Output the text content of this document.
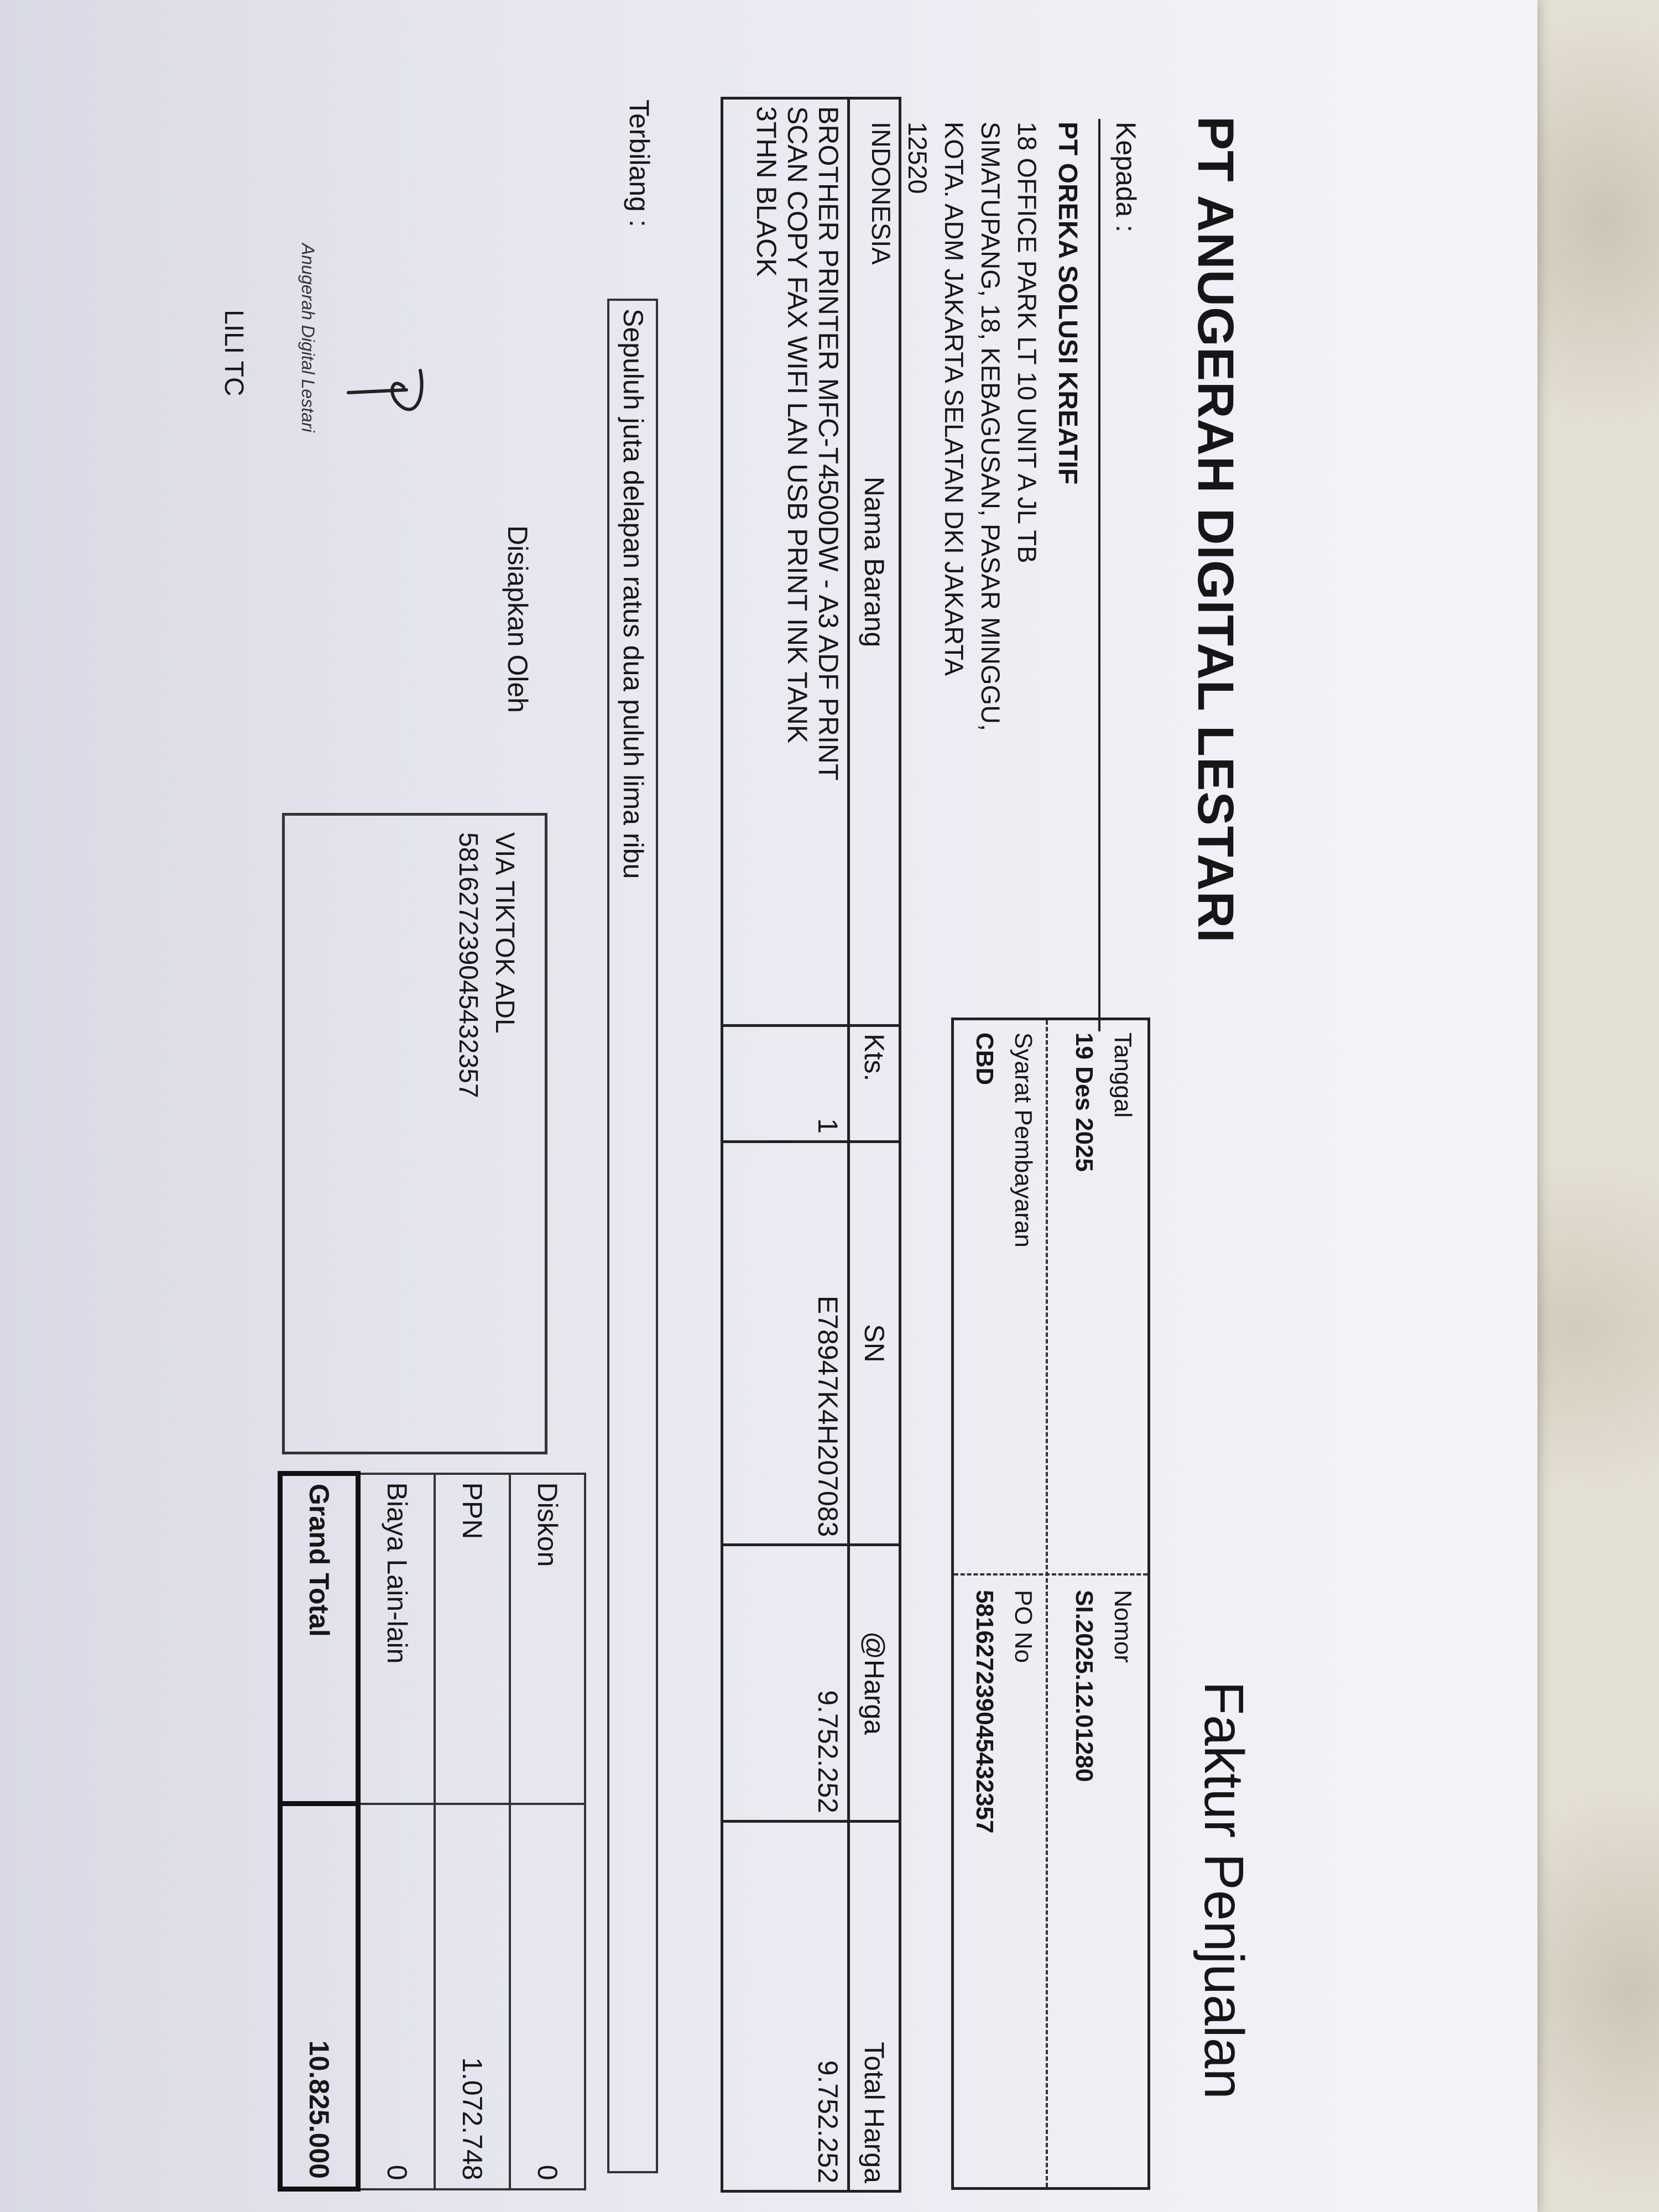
PT ANUGERAH DIGITAL LESTARI
Faktur Penjualan
Kepada :
PT OREKA SOLUSI KREATIF
18 OFFICE PARK LT 10 UNIT A JL TB
SIMATUPANG, 18, KEBAGUSAN, PASAR MINGGU,
KOTA. ADM JAKARTA SELATAN DKI JAKARTA
12520
INDONESIA
Tanggal
19 Des 2025
Nomor
SI.2025.12.01280
Syarat Pembayaran
CBD
PO No
581627239045432357
Nama Barang	Kts.	SN	@Harga	Total Harga

BROTHER PRINTER MFC-T4500DW - A3 ADF PRINT
SCAN COPY FAX WIFI LAN USB PRINT INK TANK
3THN BLACK	1	E78947K4H207083	9.752.252	9.752.252
Terbilang :
Sepuluh juta delapan ratus dua puluh lima ribu
Diskon	0
PPN	1.072.748
Biaya Lain-lain	0
Grand Total	10.825.000
VIA TIKTOK ADL
581627239045432357
Disiapkan Oleh
Anugerah Digital Lestari
LILI TC
